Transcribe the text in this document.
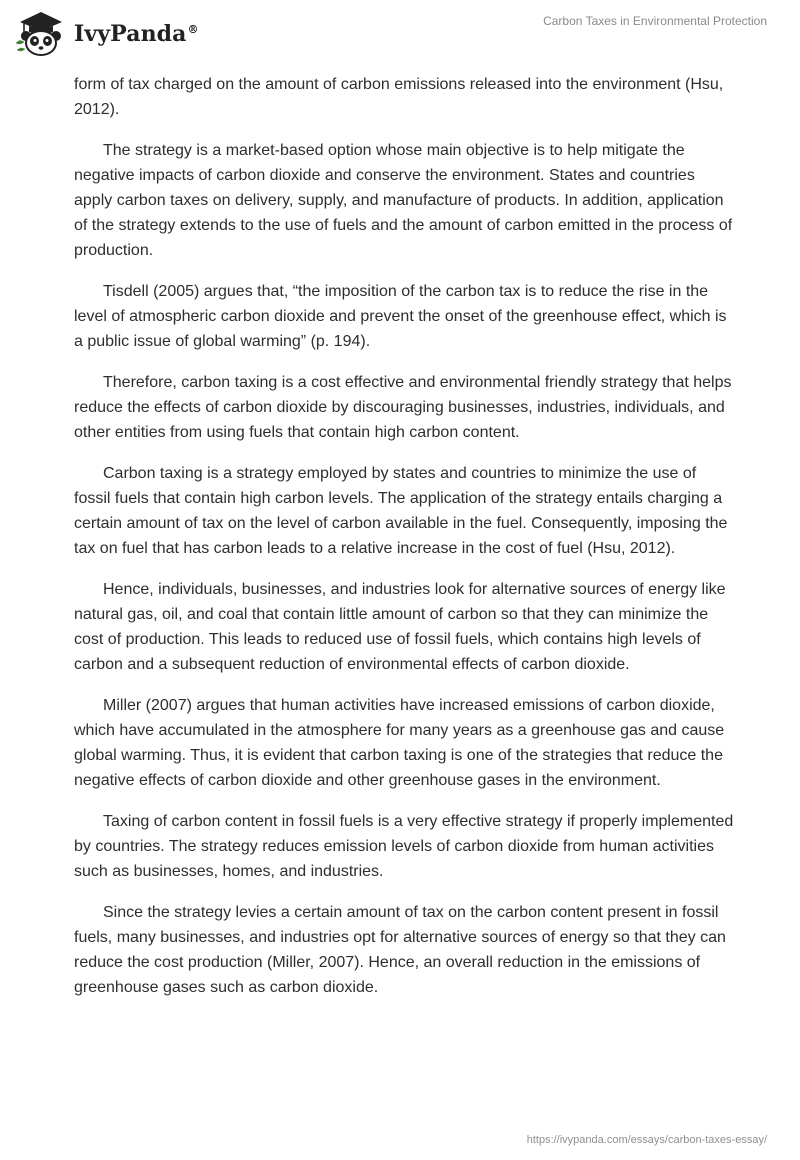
IvyPanda®
Carbon Taxes in Environmental Protection

form of tax charged on the amount of carbon emissions released into the environment (Hsu, 2012).

The strategy is a market-based option whose main objective is to help mitigate the negative impacts of carbon dioxide and conserve the environment. States and countries apply carbon taxes on delivery, supply, and manufacture of products. In addition, application of the strategy extends to the use of fuels and the amount of carbon emitted in the process of production.

Tisdell (2005) argues that, “the imposition of the carbon tax is to reduce the rise in the level of atmospheric carbon dioxide and prevent the onset of the greenhouse effect, which is a public issue of global warming” (p. 194).

Therefore, carbon taxing is a cost effective and environmental friendly strategy that helps reduce the effects of carbon dioxide by discouraging businesses, industries, individuals, and other entities from using fuels that contain high carbon content.

Carbon taxing is a strategy employed by states and countries to minimize the use of fossil fuels that contain high carbon levels. The application of the strategy entails charging a certain amount of tax on the level of carbon available in the fuel. Consequently, imposing the tax on fuel that has carbon leads to a relative increase in the cost of fuel (Hsu, 2012).

Hence, individuals, businesses, and industries look for alternative sources of energy like natural gas, oil, and coal that contain little amount of carbon so that they can minimize the cost of production. This leads to reduced use of fossil fuels, which contains high levels of carbon and a subsequent reduction of environmental effects of carbon dioxide.

Miller (2007) argues that human activities have increased emissions of carbon dioxide, which have accumulated in the atmosphere for many years as a greenhouse gas and cause global warming. Thus, it is evident that carbon taxing is one of the strategies that reduce the negative effects of carbon dioxide and other greenhouse gases in the environment.

Taxing of carbon content in fossil fuels is a very effective strategy if properly implemented by countries. The strategy reduces emission levels of carbon dioxide from human activities such as businesses, homes, and industries.

Since the strategy levies a certain amount of tax on the carbon content present in fossil fuels, many businesses, and industries opt for alternative sources of energy so that they can reduce the cost production (Miller, 2007). Hence, an overall reduction in the emissions of greenhouse gases such as carbon dioxide.

https://ivypanda.com/essays/carbon-taxes-essay/
